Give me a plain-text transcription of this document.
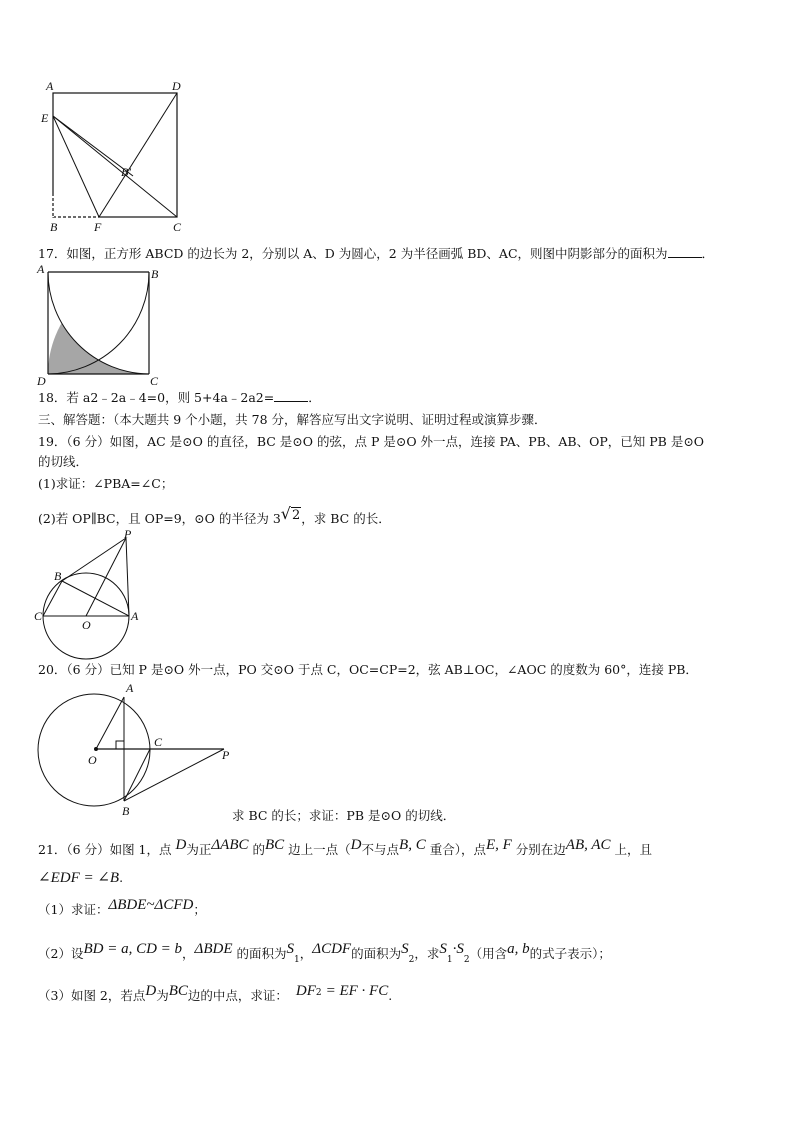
A	D
E
B′
B	F	C
17．如图，正方形 ABCD 的边长为 2，分别以 A、D 为圆心，2 为半径画弧 BD、AC，则图中阴影部分的面积为	．
A	B
C
D
18．若 a2﹣2a﹣4=0，则 5+4a﹣2a2=	．
三、解答题：（本大题共 9 个小题，共 78 分，解答应写出文字说明、证明过程或演算步骤．
19．（6 分）如图，AC 是⊙O 的直径，BC 是⊙O 的弦，点 P 是⊙O 外一点，连接 PA、PB、AB、OP，已知 PB 是⊙O
的切线．
(1)求证：∠PBA=∠C；
(2)若 OP∥BC，且 OP=9，⊙O 的半径为 3√2，求 BC 的长．
P
B
C
O
A
20．（6 分）已知 P 是⊙O 外一点，PO 交⊙O 于点 C，OC=CP=2，弦 AB⊥OC，∠AOC 的度数为 60°，连接 PB．
A
O
C
P
B	求 BC 的长；求证：PB 是⊙O 的切线．
21．（6 分）如图 1，点 D为正ΔABC 的BC 边上一点（D不与点B, C 重合），点E, F 分别在边AB, AC 上，且
∠EDF = ∠B.
（1）求证：ΔBDE~ΔCFD；
（2）设BD = a, CD = b，ΔBDE 的面积为$S_1$，ΔCDF的面积为$S_2$，求$S_1\cdot S_2$（用含a, b的式子表示）；
（3）如图 2，若点D为BC边的中点，求证： $DF^2$ = EF · FC.
